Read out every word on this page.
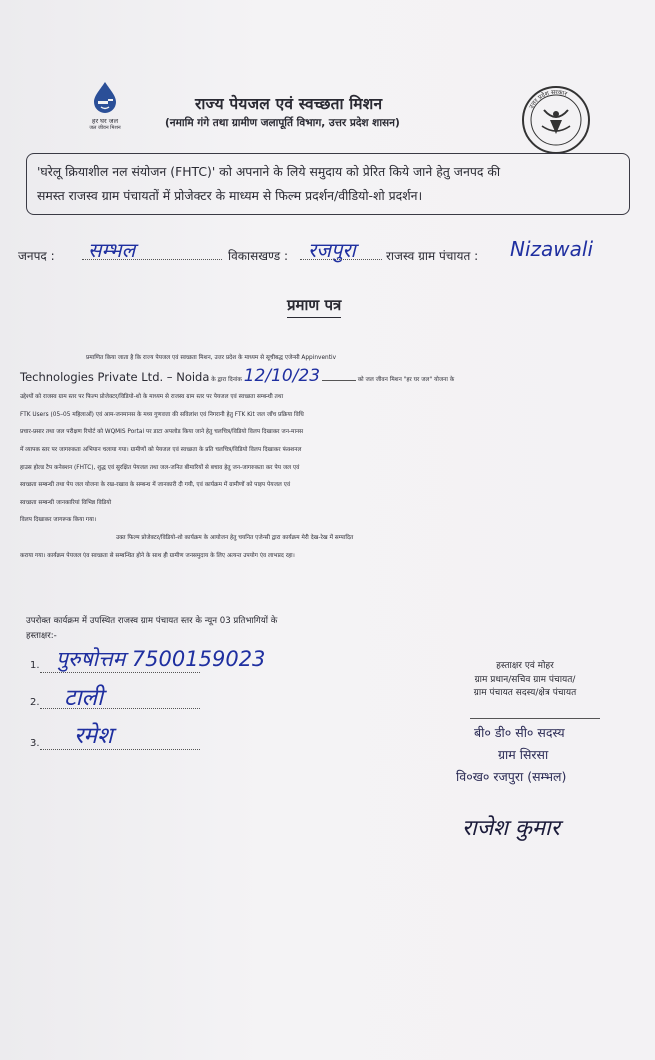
हर घर जल
जल जीवन मिशन
राज्य पेयजल एवं स्वच्छता मिशन
(नमामि गंगे तथा ग्रामीण जलापूर्ति विभाग, उत्तर प्रदेश शासन)
उत्तर प्रदेश सरकार
'घरेलू क्रियाशील नल संयोजन (FHTC)' को अपनाने के लिये समुदाय को प्रेरित किये जाने हेतु जनपद की
समस्त राजस्व ग्राम पंचायतों में प्रोजेक्टर के माध्यम से फिल्म प्रदर्शन/वीडियो-शो प्रदर्शन।
जनपद : सम्भल	विकासखण्ड : रजपुरा	राजस्व ग्राम पंचायत : Nizawali
प्रमाण पत्र
प्रमाणित किया जाता है कि राज्य पेयजल एवं स्वच्छता मिशन, उत्तर प्रदेश के माध्यम से सूचीबद्ध एजेन्सी Appinventiv
Technologies Private Ltd. – Noida के द्वारा दिनांक 12/10/23	को जल जीवन मिशन "हर घर जल" योजना के
उद्देश्यों को राजस्व ग्राम स्तर पर फिल्म प्रोजेक्टर/विडियो-शो के माध्यम से राजस्व ग्राम स्तर पर पेयजल एवं स्वच्छता सम्बन्धी तथा
FTK Users (05–05 महिलाओं) एवं आम-जनमानस के मध्य गुणवत्ता की सविलांश एवं निगरानी हेतु FTK Kit जल जाँच प्रक्रिया विधि
प्रचार-प्रसार तथा जल परीक्षण रिपोर्ट को WQMIS Portal पर डाटा अपलोड किया जाने हेतु चलचित्र/विडियो विलप दिखाकर जन-मानस
में व्यापक स्तर पर जागरुकता अभियान चलाया गया। ग्रामीणों को पेयजल एवं स्वच्छता के प्रति चलचित्र/विडियो विलप दिखाकर फंक्शनल
हाउस होल्ड टैप कनेक्शन (FHTC), शुद्ध एवं सुरक्षित पेयजल तथा जल-जनित बीमारियों से बचाव हेतु जन-जागरुकता कर पेय जल एवं
स्वच्छता सम्बन्धी तथा पेय जल योजना के रख-रखाव के सम्बन्ध में जानकारी दी गयी, एवं कार्यक्रम में ग्रामीणों को पाइप पेयजल एवं
स्वच्छता सम्बन्धी जानकारियां विभिन्न विडियो
विलप दिखाकर जागरूक किया गया।
उक्त फिल्म प्रोजेक्टर/विडियो-शो कार्यक्रम के आयोजन हेतु चयनित एजेन्सी द्वारा कार्यक्रम मेरी देख-रेख में सम्पादित
कराया गया। कार्यक्रम पेयजल एंव स्वच्छता से सम्बन्धित होने के साथ ही ग्रामीण जनसमुदाय के लिए अत्यन्त उपयोग एंव लाभप्रद रहा।
उपरोक्त कार्यक्रम में उपस्थित राजस्व ग्राम पंचायत स्तर के न्यून 03 प्रतिभागियों के
हस्ताक्षर:-
1. पुरुषोत्तम 7500159023
2. टाली
3. रमेश
हस्ताक्षर एवं मोहर
ग्राम प्रधान/सचिव ग्राम पंचायत/
ग्राम पंचायत सदस्य/क्षेत्र पंचायत
बी० डी० सी० सदस्य
ग्राम सिरसा
वि०ख० रजपुरा (सम्भल)
राजेश कुमार
